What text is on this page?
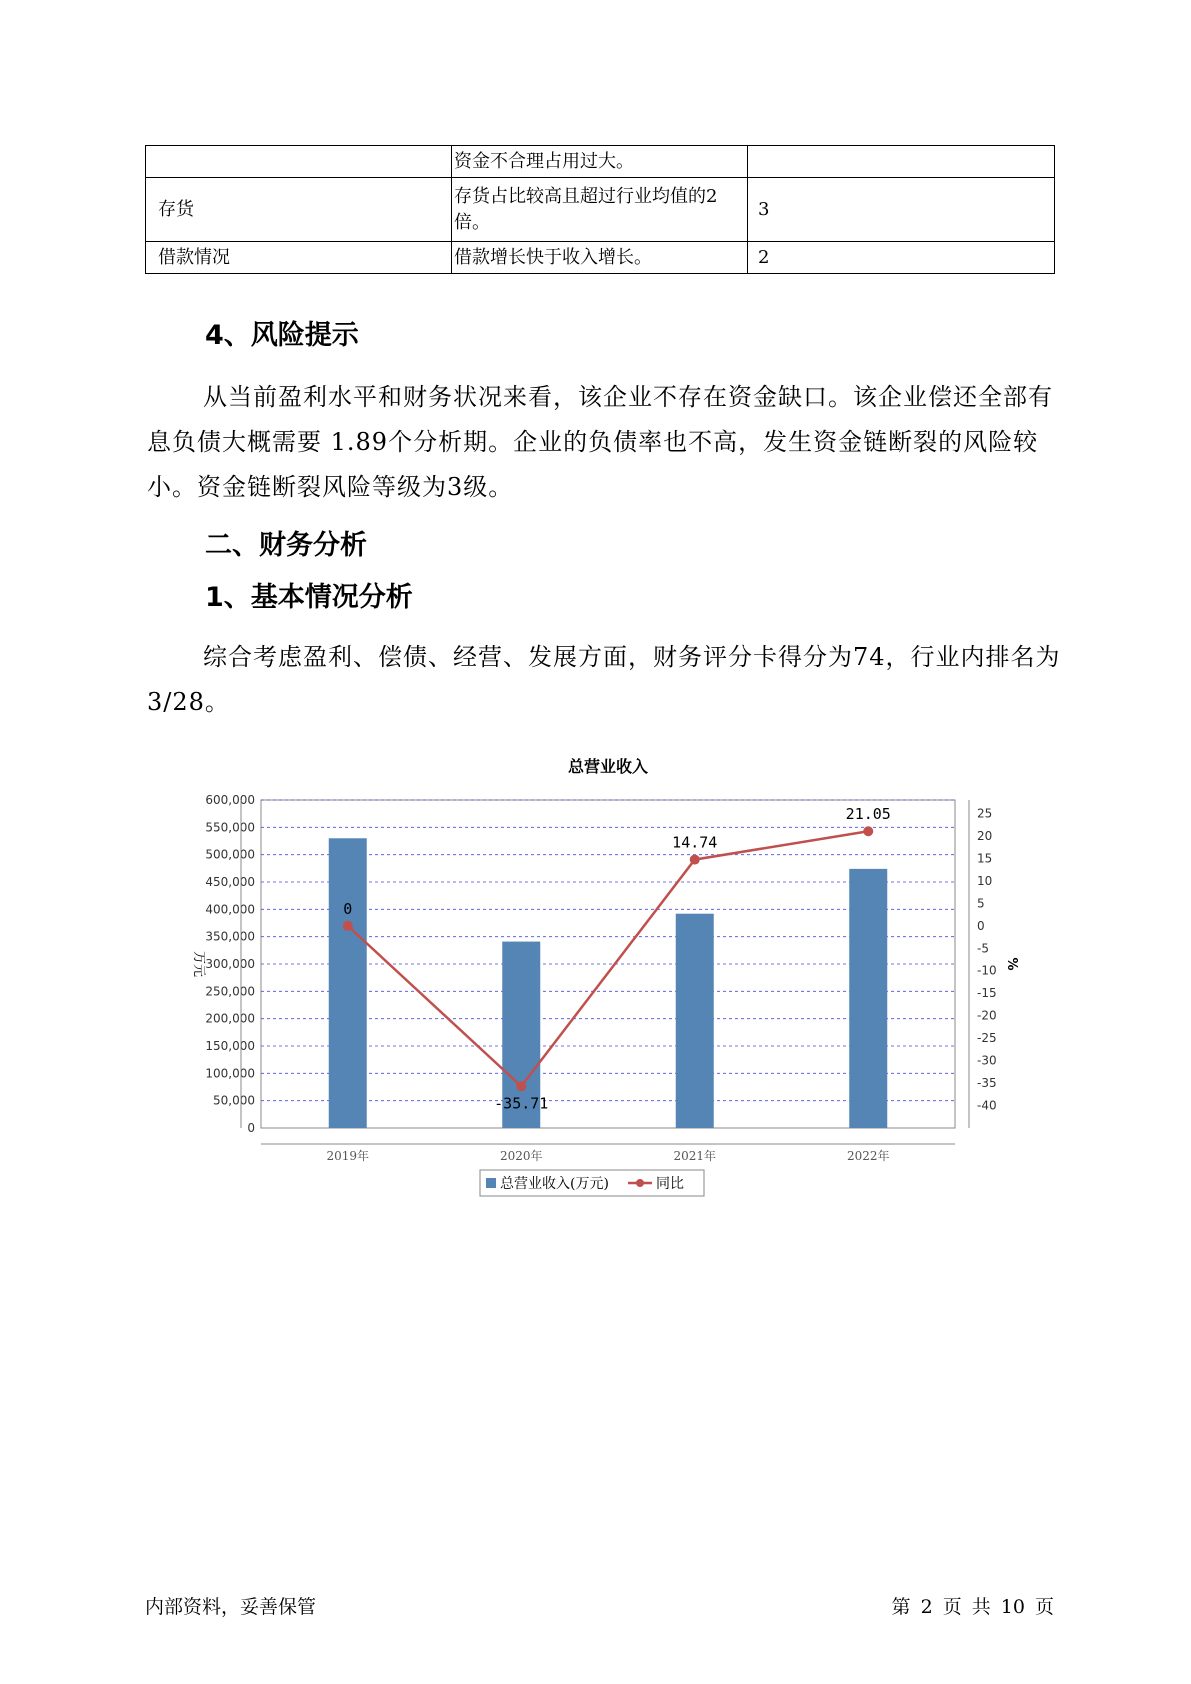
	资金不合理占用过大。	
存货	存货占比较高且超过行业均值的2倍。	3
借款情况	借款增长快于收入增长。	2
4、风险提示
从当前盈利水平和财务状况来看，该企业不存在资金缺口。该企业偿还全部有息负债大概需要 1.89个分析期。企业的负债率也不高，发生资金链断裂的风险较小。资金链断裂风险等级为3级。
二、财务分析
1、基本情况分析
综合考虑盈利、偿债、经营、发展方面，财务评分卡得分为74，行业内排名为3/28。
总营业收入
0
50,000
100,000
150,000
200,000
250,000
300,000
350,000
400,000
450,000
500,000
550,000
600,000
万元
25
20
15
10
5
0
-5
-10
-15
-20
-25
-30
-35
-40
%
2019年	2020年	2021年	2022年
0
-35.71
14.74
21.05
总营业收入(万元)	同比
内部资料，妥善保管	第 2 页 共 10 页
